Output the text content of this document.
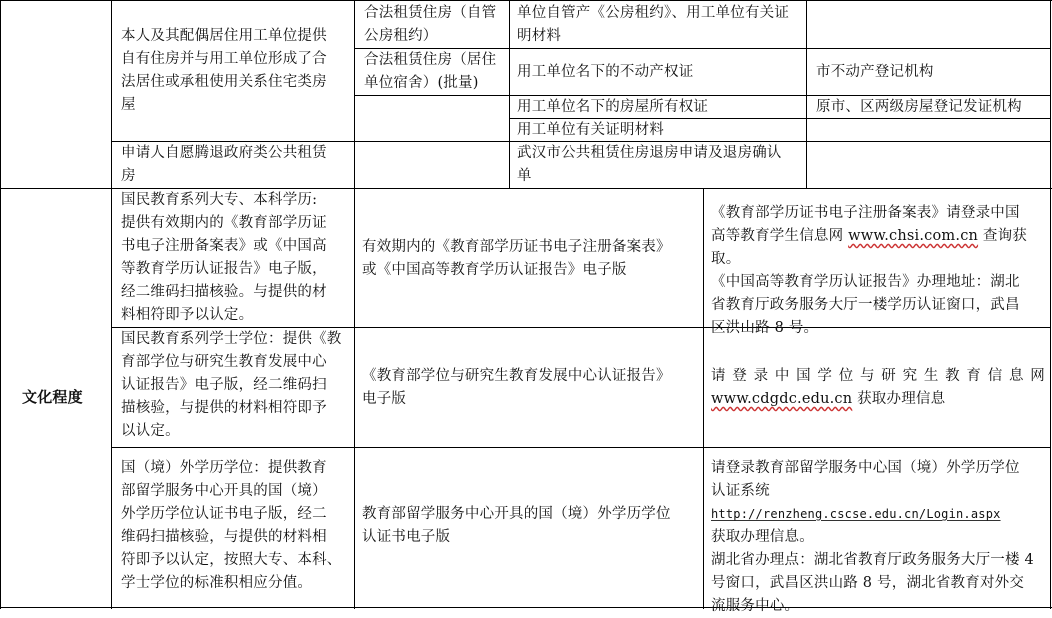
本人及其配偶居住用工单位提供
自有住房并与用工单位形成了合
法居住或承租使用关系住宅类房
屋
合法租赁住房（自管
公房租约）
合法租赁住房（居住
单位宿舍）(批量)
单位自管产《公房租约》、用工单位有关证
明材料
用工单位名下的不动产权证
用工单位名下的房屋所有权证
用工单位有关证明材料
市不动产登记机构
原市、区两级房屋登记发证机构
申请人自愿腾退政府类公共租赁
房
武汉市公共租赁住房退房申请及退房确认
单
文化程度
国民教育系列大专、本科学历:
提供有效期内的《教育部学历证
书电子注册备案表》或《中国高
等教育学历认证报告》电子版，
经二维码扫描核验。与提供的材
料相符即予以认定。
有效期内的《教育部学历证书电子注册备案表》
或《中国高等教育学历认证报告》电子版
《教育部学历证书电子注册备案表》请登录中国
高等教育学生信息网 www.chsi.com.cn 查询获取。
《中国高等教育学历认证报告》办理地址：湖北
省教育厅政务服务大厅一楼学历认证窗口，武昌
区洪山路 8 号。
国民教育系列学士学位：提供《教
育部学位与研究生教育发展中心
认证报告》电子版，经二维码扫
描核验，与提供的材料相符即予
以认定。
《教育部学位与研究生教育发展中心认证报告》
电子版
请登录中国学位与研究生教育信息网
www.cdgdc.edu.cn 获取办理信息
国（境）外学历学位：提供教育
部留学服务中心开具的国（境）
外学历学位认证书电子版，经二
维码扫描核验，与提供的材料相
符即予以认定，按照大专、本科、
学士学位的标准积相应分值。
教育部留学服务中心开具的国（境）外学历学位
认证书电子版
请登录教育部留学服务中心国（境）外学历学位
认证系统 http://renzheng.cscse.edu.cn/Login.aspx
获取办理信息。
湖北省办理点：湖北省教育厅政务服务大厅一楼 4
号窗口，武昌区洪山路 8 号，湖北省教育对外交
流服务中心。
